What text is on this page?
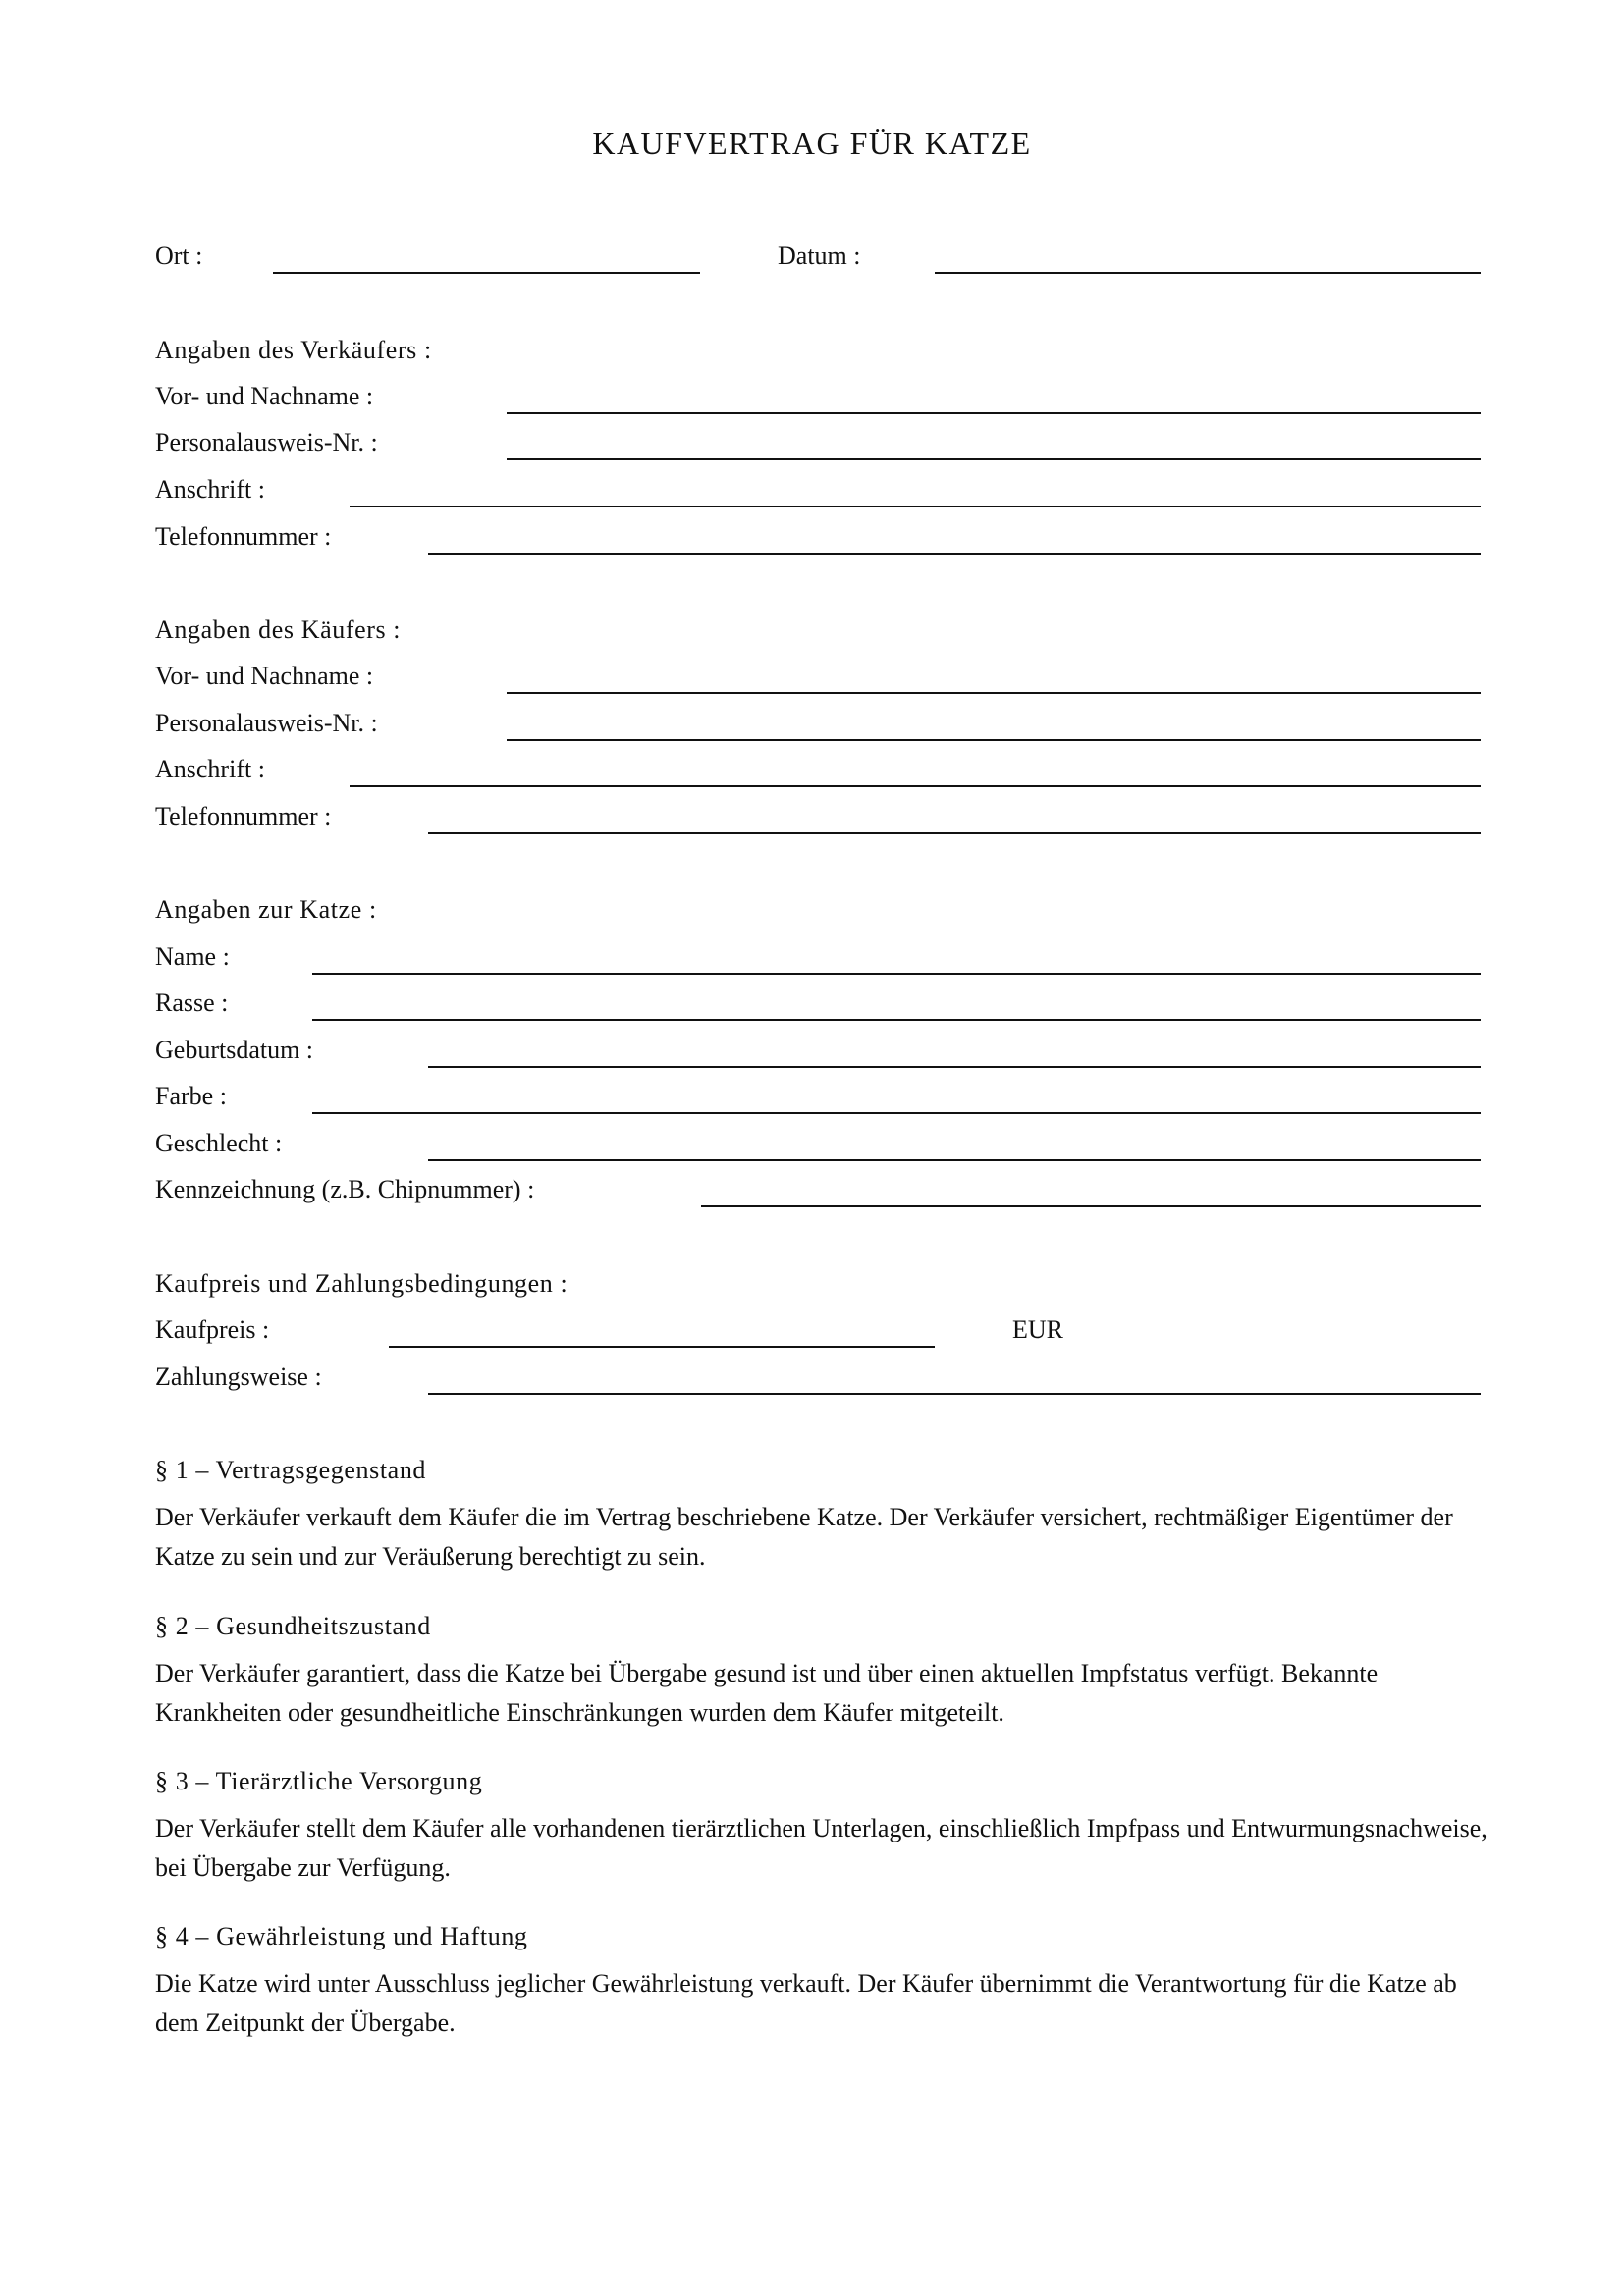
KAUFVERTRAG FÜR KATZE
Ort :	Datum :
Angaben des Verkäufers :
Vor- und Nachname :
Personalausweis-Nr. :
Anschrift :
Telefonnummer :
Angaben des Käufers :
Vor- und Nachname :
Personalausweis-Nr. :
Anschrift :
Telefonnummer :
Angaben zur Katze :
Name :
Rasse :
Geburtsdatum :
Farbe :
Geschlecht :
Kennzeichnung (z.B. Chipnummer) :
Kaufpreis und Zahlungsbedingungen :
Kaufpreis :	EUR
Zahlungsweise :
§ 1 – Vertragsgegenstand
Der Verkäufer verkauft dem Käufer die im Vertrag beschriebene Katze. Der Verkäufer versichert, rechtmäßiger Eigentümer der Katze zu sein und zur Veräußerung berechtigt zu sein.
§ 2 – Gesundheitszustand
Der Verkäufer garantiert, dass die Katze bei Übergabe gesund ist und über einen aktuellen Impfstatus verfügt. Bekannte Krankheiten oder gesundheitliche Einschränkungen wurden dem Käufer mitgeteilt.
§ 3 – Tierärztliche Versorgung
Der Verkäufer stellt dem Käufer alle vorhandenen tierärztlichen Unterlagen, einschließlich Impfpass und Entwurmungsnachweise, bei Übergabe zur Verfügung.
§ 4 – Gewährleistung und Haftung
Die Katze wird unter Ausschluss jeglicher Gewährleistung verkauft. Der Käufer übernimmt die Verantwortung für die Katze ab dem Zeitpunkt der Übergabe.
